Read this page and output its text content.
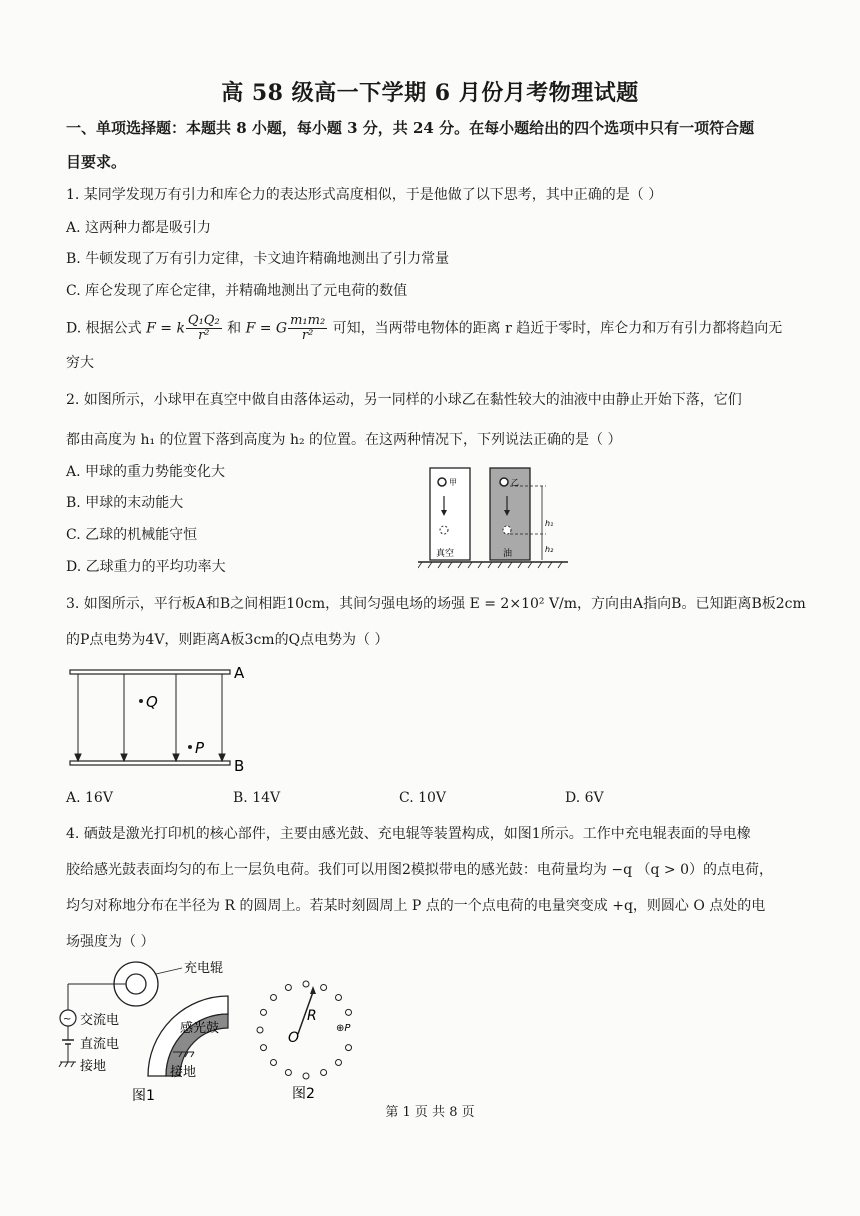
高 58 级高一下学期 6 月份月考物理试题
一、单项选择题：本题共 8 小题，每小题 3 分，共 24 分。在每小题给出的四个选项中只有一项符合题
目要求。
1. 某同学发现万有引力和库仑力的表达形式高度相似，于是他做了以下思考，其中正确的是（ ）
A. 这两种力都是吸引力
B. 牛顿发现了万有引力定律，卡文迪许精确地测出了引力常量
C. 库仑发现了库仑定律，并精确地测出了元电荷的数值
D. 根据公式 F = k $\frac{\text{Q₁Q₂}}{\text{r²}}$ 和 F = G $\frac{\text{m₁m₂}}{\text{r²}}$ 可知，当两带电物体的距离 r 趋近于零时，库仑力和万有引力都将趋向无
穷大
2. 如图所示，小球甲在真空中做自由落体运动，另一同样的小球乙在黏性较大的油液中由静止开始下落，它们
都由高度为 h₁ 的位置下落到高度为 h₂ 的位置。在这两种情况下，下列说法正确的是（ ）
A. 甲球的重力势能变化大
B. 甲球的末动能大
C. 乙球的机械能守恒
D. 乙球重力的平均功率大
甲	乙
h₁
h₂
真空	油
3. 如图所示，平行板A和B之间相距10cm，其间匀强电场的场强 E = 2×10² V/m，方向由A指向B。已知距离B板2cm
的P点电势为4V，则距离A板3cm的Q点电势为（ ）
A
B
Q
P
A. 16V	B. 14V	C. 10V	D. 6V
4. 硒鼓是激光打印机的核心部件，主要由感光鼓、充电辊等装置构成，如图1所示。工作中充电辊表面的导电橡
胶给感光鼓表面均匀的布上一层负电荷。我们可以用图2模拟带电的感光鼓：电荷量均为 −q （q > 0）的点电荷，
均匀对称地分布在半径为 R 的圆周上。若某时刻圆周上 P 点的一个点电荷的电量突变成 +q，则圆心 O 点处的电
场强度为（ ）
充电辊
感光鼓
~ 交流电
直流电
接地	接地
图1
R
O
⊕P
图2
第 1 页 共 8 页
